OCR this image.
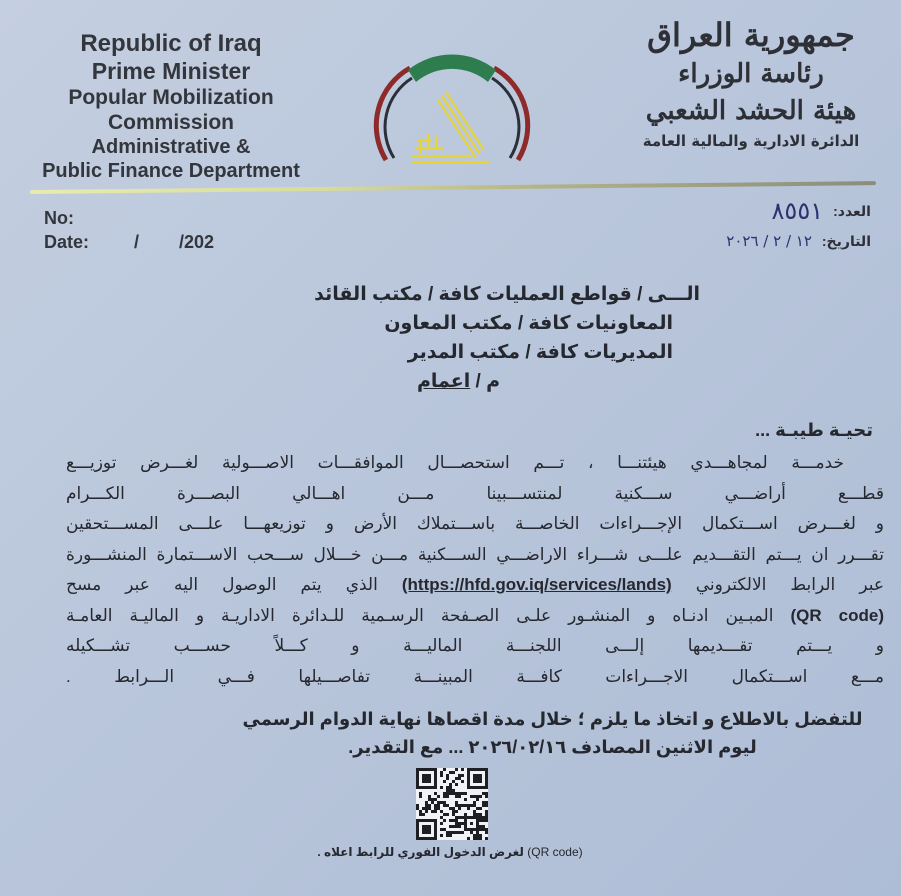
Republic of Iraq
Prime Minister
Popular Mobilization
Commission
Administrative &
Public Finance Department
جمهورية العراق
رئاسة الوزراء
هيئة الحشد الشعبي
الدائرة الادارية والمالية العامة
No:
Date:	/	/202
العدد:
٨٥٥١
التاريخ:
١٢ / ٢ / ٢٠٢٦
الـــى / قواطع العمليات كافة / مكتب القائد
المعاونيات كافة / مكتب المعاون
المديريات كافة / مكتب المدير
م / اعمام
تحيـة طيبـة ...
خدمـــة لمجاهـــدي هيئتنـــا ، تـــم استحصـــال الموافقـــات الاصـــولية لغـــرض توزيـــع
قطـــع أراضـــي ســـكنية لمنتســـبينا مـــن اهـــالي البصـــرة الكـــرام
و لغـــرض اســـتكمال الإجـــراءات الخاصـــة باســـتملاك الأرض و توزيعهـــا علـــى المســـتحقين
تقـــرر ان يـــتم التقـــديم علـــى شـــراء الاراضـــي الســـكنية مـــن خـــلال ســـحب الاســـتمارة المنشـــورة
عبر الرابط الالكتروني (https://hfd.gov.iq/services/lands) الذي يتم الوصول اليه عبر مسح
(QR code) المبـين ادنـاه و المنشـور علـى الصـفحة الرسـمية للـدائرة الاداريـة و الماليـة العامـة
و يـــتم تقـــديمها إلـــى اللجنـــة الماليـــة و كـــلاً حســـب تشـــكيله
مـــع اســـتكمال الاجـــراءات كافـــة المبينـــة تفاصـــيلها فـــي الـــرابط .
للتفضل بالاطلاع و اتخاذ ما يلزم ؛ خلال مدة اقصاها نهاية الدوام الرسمي
ليوم الاثنين المصادف ٢٠٢٦/٠٢/١٦ ... مع التقدير.
(QR code) لغرض الدخول الفوري للرابط اعلاه .
